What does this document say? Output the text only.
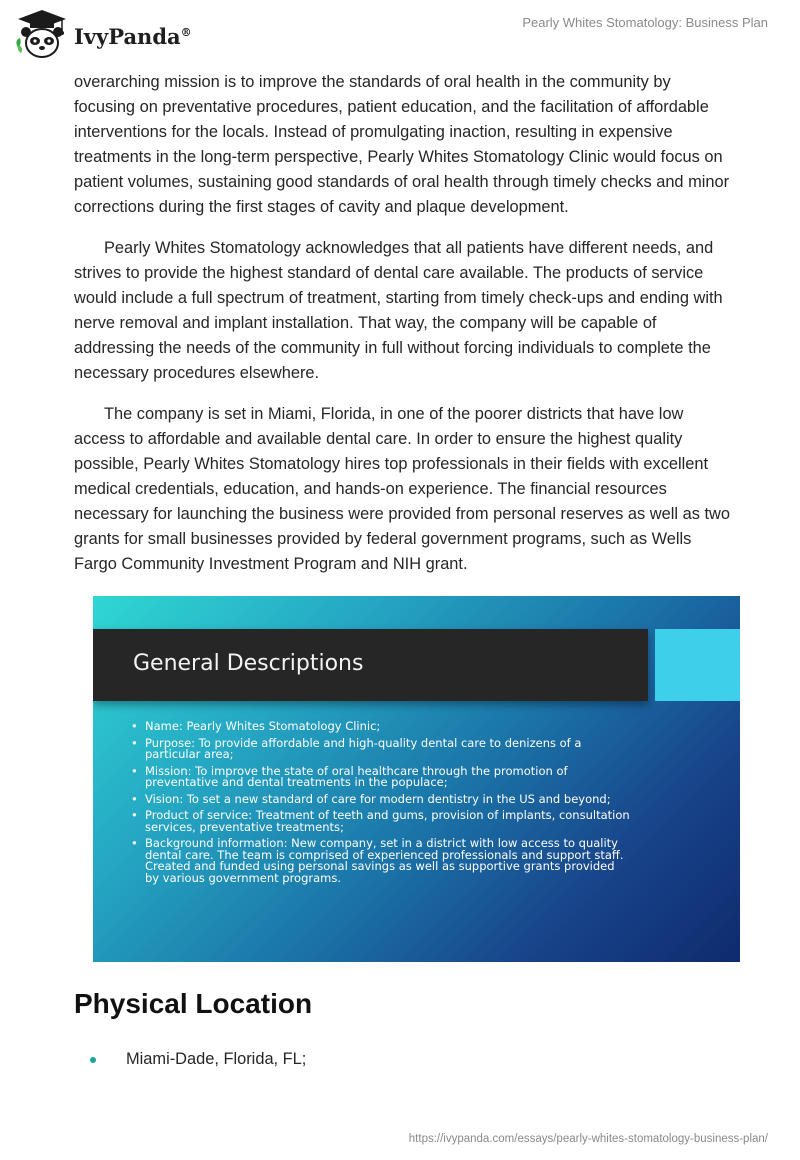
IvyPanda®
Pearly Whites Stomatology: Business Plan

overarching mission is to improve the standards of oral health in the community by focusing on preventative procedures, patient education, and the facilitation of affordable interventions for the locals. Instead of promulgating inaction, resulting in expensive treatments in the long-term perspective, Pearly Whites Stomatology Clinic would focus on patient volumes, sustaining good standards of oral health through timely checks and minor corrections during the first stages of cavity and plaque development.

Pearly Whites Stomatology acknowledges that all patients have different needs, and strives to provide the highest standard of dental care available. The products of service would include a full spectrum of treatment, starting from timely check-ups and ending with nerve removal and implant installation. That way, the company will be capable of addressing the needs of the community in full without forcing individuals to complete the necessary procedures elsewhere.

The company is set in Miami, Florida, in one of the poorer districts that have low access to affordable and available dental care. In order to ensure the highest quality possible, Pearly Whites Stomatology hires top professionals in their fields with excellent medical credentials, education, and hands-on experience. The financial resources necessary for launching the business were provided from personal reserves as well as two grants for small businesses provided by federal government programs, such as Wells Fargo Community Investment Program and NIH grant.

General Descriptions
• Name: Pearly Whites Stomatology Clinic;
• Purpose: To provide affordable and high-quality dental care to denizens of a particular area;
• Mission: To improve the state of oral healthcare through the promotion of preventative and dental treatments in the populace;
• Vision: To set a new standard of care for modern dentistry in the US and beyond;
• Product of service: Treatment of teeth and gums, provision of implants, consultation services, preventative treatments;
• Background information: New company, set in a district with low access to quality dental care. The team is comprised of experienced professionals and support staff. Created and funded using personal savings as well as supportive grants provided by various government programs.
Physical Location
Miami-Dade, Florida, FL;
https://ivypanda.com/essays/pearly-whites-stomatology-business-plan/
